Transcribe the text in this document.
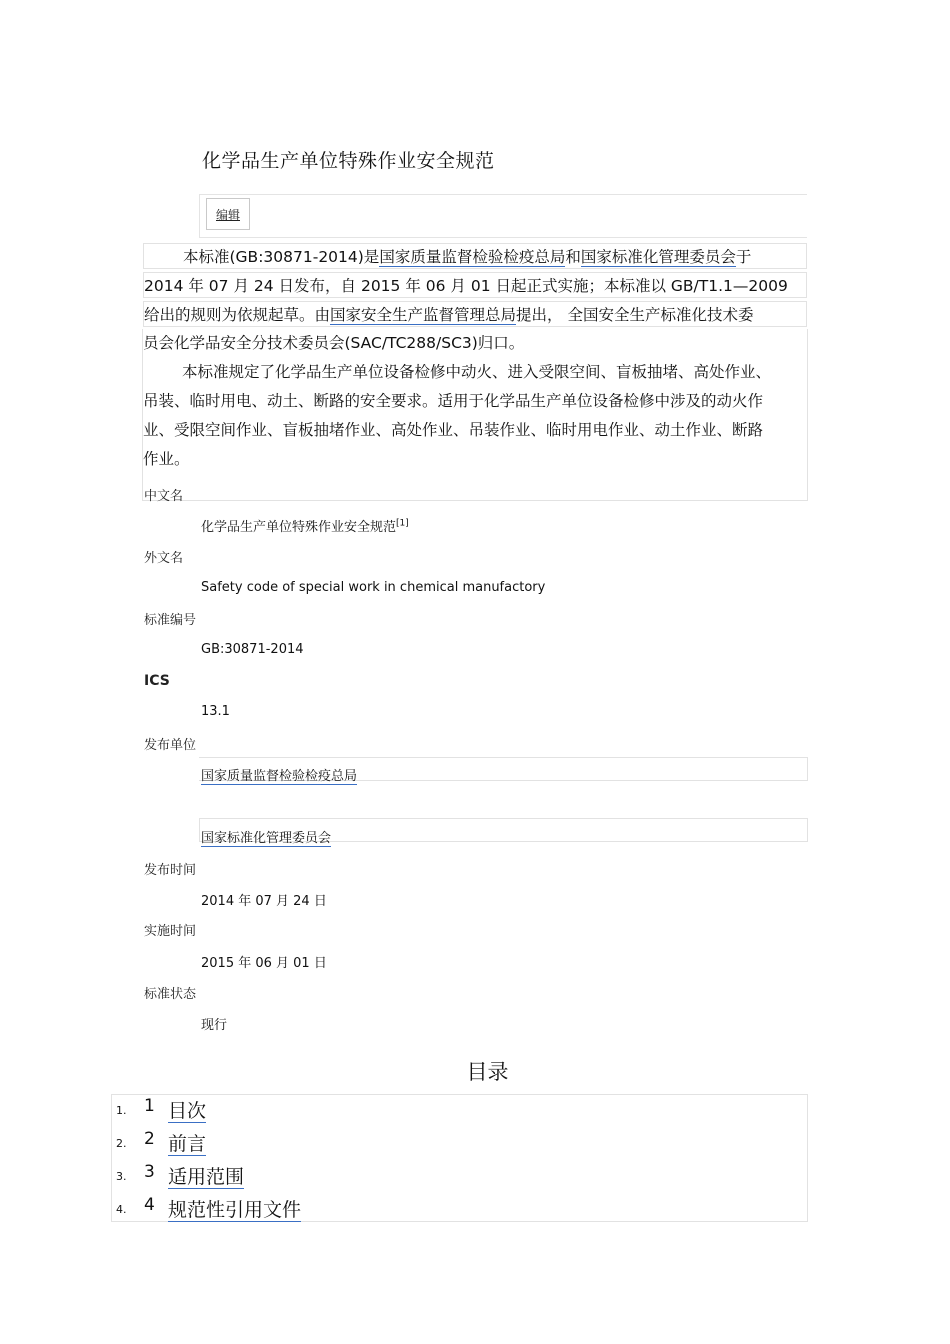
化学品生产单位特殊作业安全规范
编辑
本标准(GB:30871-2014)是国家质量监督检验检疫总局和国家标准化管理委员会于
2014 年 07 月 24 日发布，自 2015 年 06 月 01 日起正式实施；本标准以 GB/T1.1—2009
给出的规则为依规起草。由国家安全生产监督管理总局提出， 全国安全生产标准化技术委
员会化学品安全分技术委员会(SAC/TC288/SC3)归口。
本标准规定了化学品生产单位设备检修中动火、进入受限空间、盲板抽堵、高处作业、
吊装、临时用电、动土、断路的安全要求。适用于化学品生产单位设备检修中涉及的动火作
业、受限空间作业、盲板抽堵作业、高处作业、吊装作业、临时用电作业、动土作业、断路
作业。
中文名
化学品生产单位特殊作业安全规范[1]
外文名
Safety code of special work in chemical manufactory
标准编号
GB:30871-2014
ICS
13.1
发布单位
国家质量监督检验检疫总局
国家标准化管理委员会
发布时间
2014 年 07 月 24 日
实施时间
2015 年 06 月 01 日
标准状态
现行
目录
1. 1 目次
2. 2 前言
3. 3 适用范围
4. 4 规范性引用文件
